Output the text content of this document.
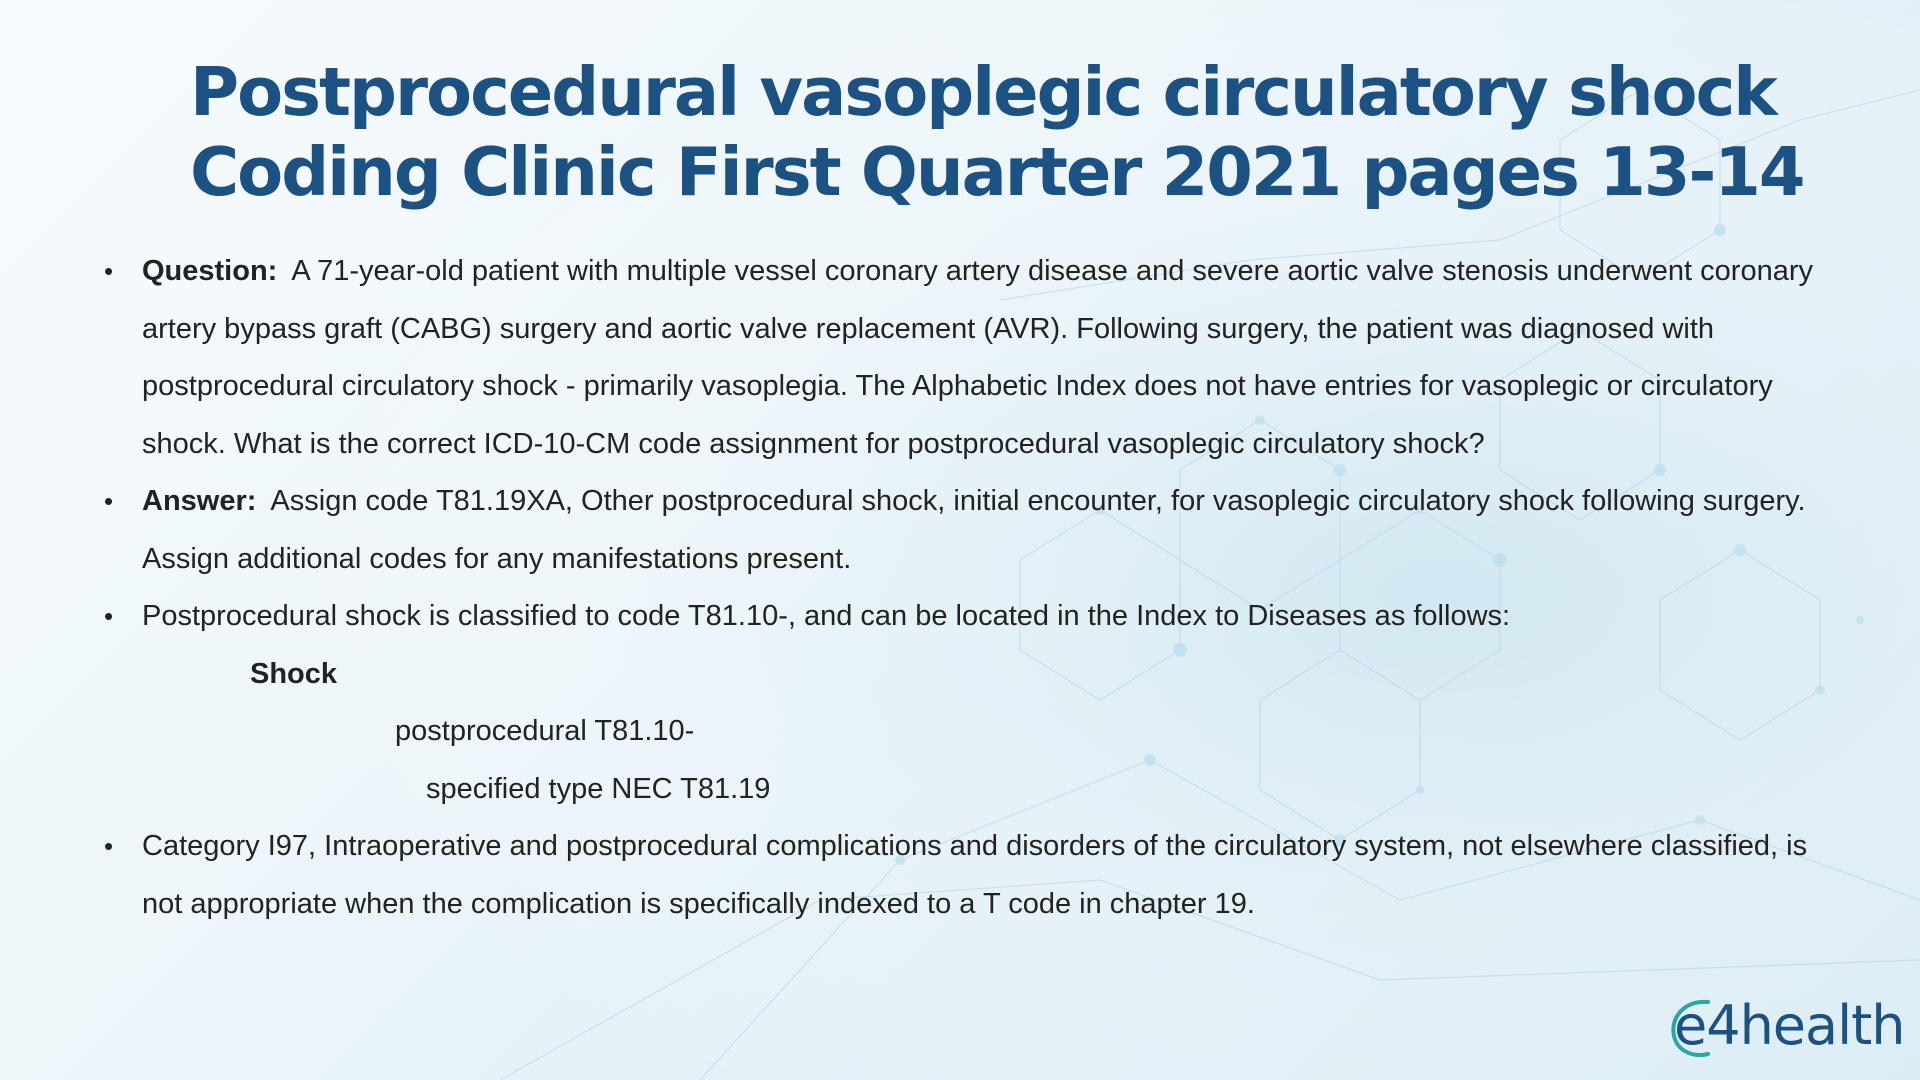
Postprocedural vasoplegic circulatory shock
Coding Clinic First Quarter 2021 pages 13-14
• Question: A 71-year-old patient with multiple vessel coronary artery disease and severe aortic valve stenosis underwent coronary artery bypass graft (CABG) surgery and aortic valve replacement (AVR). Following surgery, the patient was diagnosed with postprocedural circulatory shock - primarily vasoplegia. The Alphabetic Index does not have entries for vasoplegic or circulatory shock. What is the correct ICD-10-CM code assignment for postprocedural vasoplegic circulatory shock?
• Answer: Assign code T81.19XA, Other postprocedural shock, initial encounter, for vasoplegic circulatory shock following surgery. Assign additional codes for any manifestations present.
• Postprocedural shock is classified to code T81.10-, and can be located in the Index to Diseases as follows:
Shock
postprocedural T81.10-
specified type NEC T81.19
• Category I97, Intraoperative and postprocedural complications and disorders of the circulatory system, not elsewhere classified, is not appropriate when the complication is specifically indexed to a T code in chapter 19.
e4health
